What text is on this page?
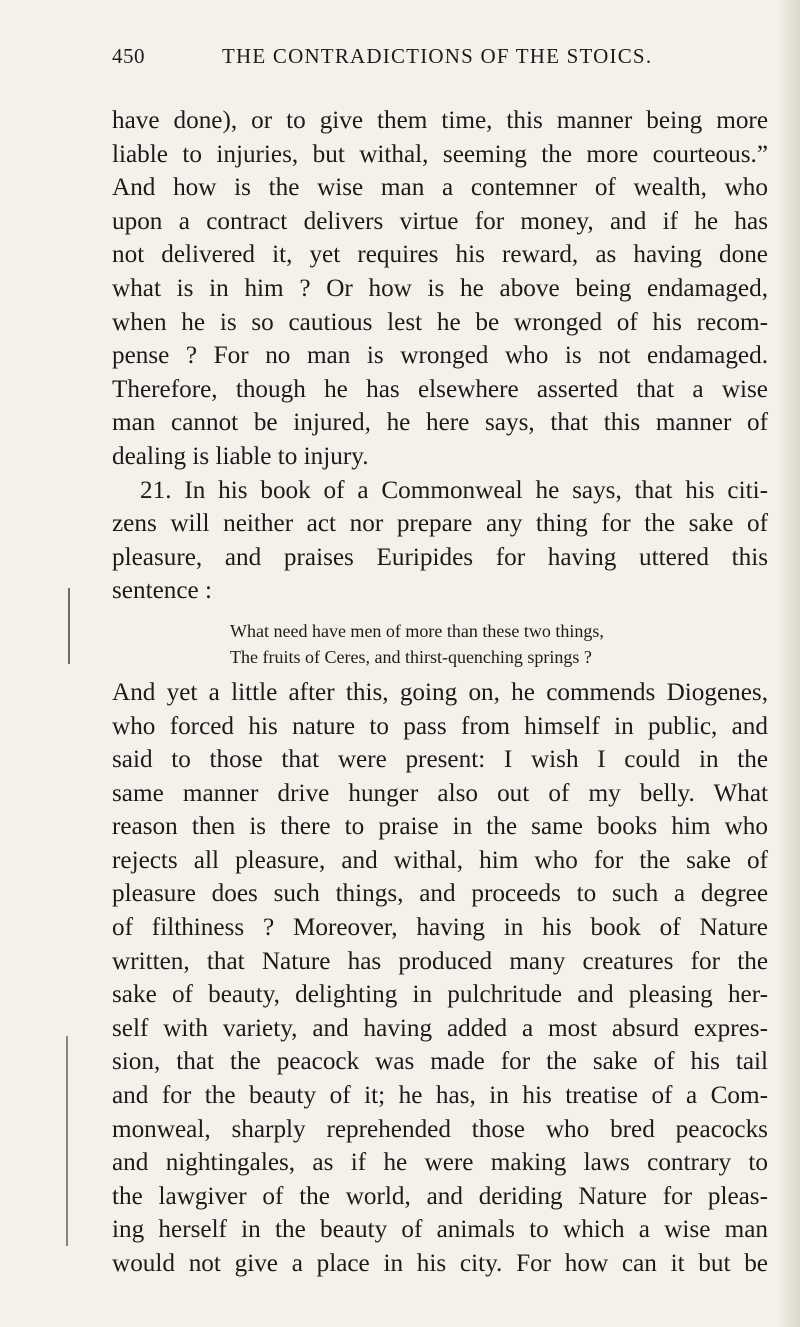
450	THE CONTRADICTIONS OF THE STOICS.
have done), or to give them time, this manner being more
liable to injuries, but withal, seeming the more courteous.”
And how is the wise man a contemner of wealth, who
upon a contract delivers virtue for money, and if he has
not delivered it, yet requires his reward, as having done
what is in him ? Or how is he above being endamaged,
when he is so cautious lest he be wronged of his recom-
pense ? For no man is wronged who is not endamaged.
Therefore, though he has elsewhere asserted that a wise
man cannot be injured, he here says, that this manner of
dealing is liable to injury.
21. In his book of a Commonweal he says, that his citi-
zens will neither act nor prepare any thing for the sake of
pleasure, and praises Euripides for having uttered this
sentence :
What need have men of more than these two things,
The fruits of Ceres, and thirst-quenching springs ?
And yet a little after this, going on, he commends Diogenes,
who forced his nature to pass from himself in public, and
said to those that were present: I wish I could in the
same manner drive hunger also out of my belly. What
reason then is there to praise in the same books him who
rejects all pleasure, and withal, him who for the sake of
pleasure does such things, and proceeds to such a degree
of filthiness ? Moreover, having in his book of Nature
written, that Nature has produced many creatures for the
sake of beauty, delighting in pulchritude and pleasing her-
self with variety, and having added a most absurd expres-
sion, that the peacock was made for the sake of his tail
and for the beauty of it; he has, in his treatise of a Com-
monweal, sharply reprehended those who bred peacocks
and nightingales, as if he were making laws contrary to
the lawgiver of the world, and deriding Nature for pleas-
ing herself in the beauty of animals to which a wise man
would not give a place in his city. For how can it but be
